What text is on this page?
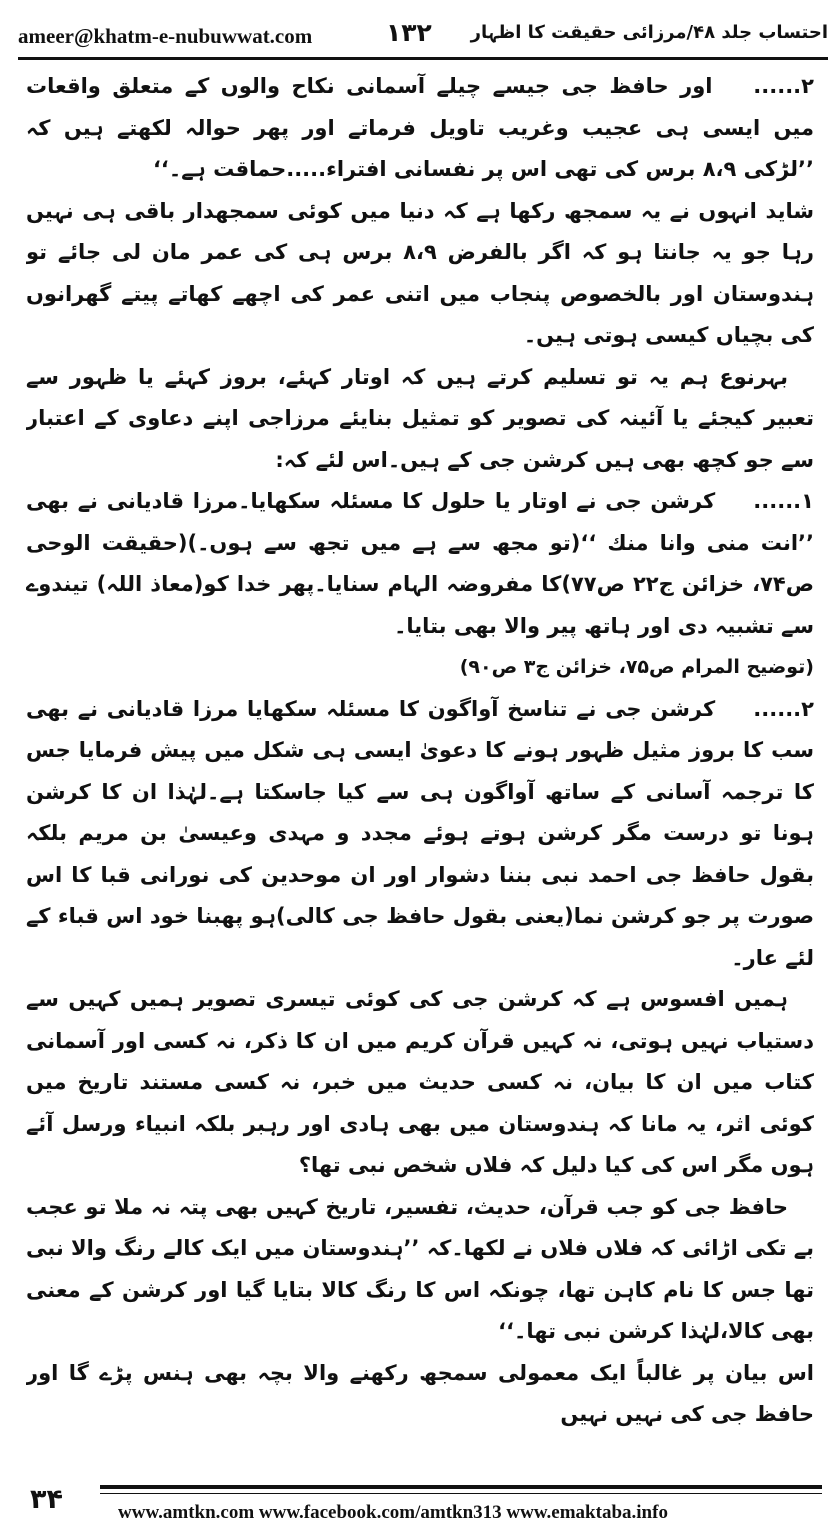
ameer@khatm-e-nubuwwat.com	۱۳۲ احتساب جلد ۴۸/مرزائی حقیقت کا اظہار

۲...... اور حافظ جی جیسے چیلے آسمانی نکاح والوں کے متعلق واقعات میں ایسی ہی عجیب وغریب تاویل فرماتے اور پھر حوالہ لکھتے ہیں کہ ’’لڑکی ۸،۹ برس کی تھی اس پر نفسانی افتراء.....حماقت ہے۔‘‘

شاید انہوں نے یہ سمجھ رکھا ہے کہ دنیا میں کوئی سمجھدار باقی ہی نہیں رہا جو یہ جانتا ہو کہ اگر بالفرض ۸،۹ برس ہی کی عمر مان لی جائے تو ہندوستان اور بالخصوص پنجاب میں اتنی عمر کی اچھے کھاتے پیتے گھرانوں کی بچیاں کیسی ہوتی ہیں۔

بہرنوع ہم یہ تو تسلیم کرتے ہیں کہ اوتار کہئے، بروز کہئے یا ظہور سے تعبیر کیجئے یا آئینہ کی تصویر کو تمثیل بنایئے مرزاجی اپنے دعاوی کے اعتبار سے جو کچھ بھی ہیں کرشن جی کے ہیں۔اس لئے کہ:

۱...... کرشن جی نے اوتار یا حلول کا مسئلہ سکھایا۔مرزا قادیانی نے بھی ’’انت منی وانا منك ‘‘(تو مجھ سے ہے میں تجھ سے ہوں۔)(حقیقت الوحی ص۷۴، خزائن ج۲۲ ص۷۷)کا مفروضہ الہام سنایا۔پھر خدا کو(معاذ اللہ) تیندوے سے تشبیہ دی اور ہاتھ پیر والا بھی بتایا۔

(توضیح المرام ص۷۵، خزائن ج۳ ص۹۰)

۲...... کرشن جی نے تناسخ آواگون کا مسئلہ سکھایا مرزا قادیانی نے بھی سب کا بروز مثیل ظہور ہونے کا دعویٰ ایسی ہی شکل میں پیش فرمایا جس کا ترجمہ آسانی کے ساتھ آواگون ہی سے کیا جاسکتا ہے۔لہٰذا ان کا کرشن ہونا تو درست مگر کرشن ہوتے ہوئے مجدد و مہدی وعیسیٰ بن مریم بلکہ بقول حافظ جی احمد نبی بننا دشوار اور ان موحدین کی نورانی قبا کا اس صورت پر جو کرشن نما(یعنی بقول حافظ جی کالی)ہو پھبنا خود اس قباء کے لئے عار۔

ہمیں افسوس ہے کہ کرشن جی کی کوئی تیسری تصویر ہمیں کہیں سے دستیاب نہیں ہوتی، نہ کہیں قرآن کریم میں ان کا ذکر، نہ کسی اور آسمانی کتاب میں ان کا بیان، نہ کسی حدیث میں خبر، نہ کسی مستند تاریخ میں کوئی اثر، یہ مانا کہ ہندوستان میں بھی ہادی اور رہبر بلکہ انبیاء ورسل آئے ہوں مگر اس کی کیا دلیل کہ فلاں شخص نبی تھا؟

حافظ جی کو جب قرآن، حدیث، تفسیر، تاریخ کہیں بھی پتہ نہ ملا تو عجب بے تکی اڑائی کہ فلاں فلاں نے لکھا۔کہ ’’ہندوستان میں ایک کالے رنگ والا نبی تھا جس کا نام کاہن تھا، چونکہ اس کا رنگ کالا بتایا گیا اور کرشن کے معنی بھی کالا،لہٰذا کرشن نبی تھا۔‘‘

اس بیان پر غالباً ایک معمولی سمجھ رکھنے والا بچہ بھی ہنس پڑے گا اور حافظ جی کی نہیں نہیں

۳۴	www.amtkn.com www.facebook.com/amtkn313 www.emaktaba.info
